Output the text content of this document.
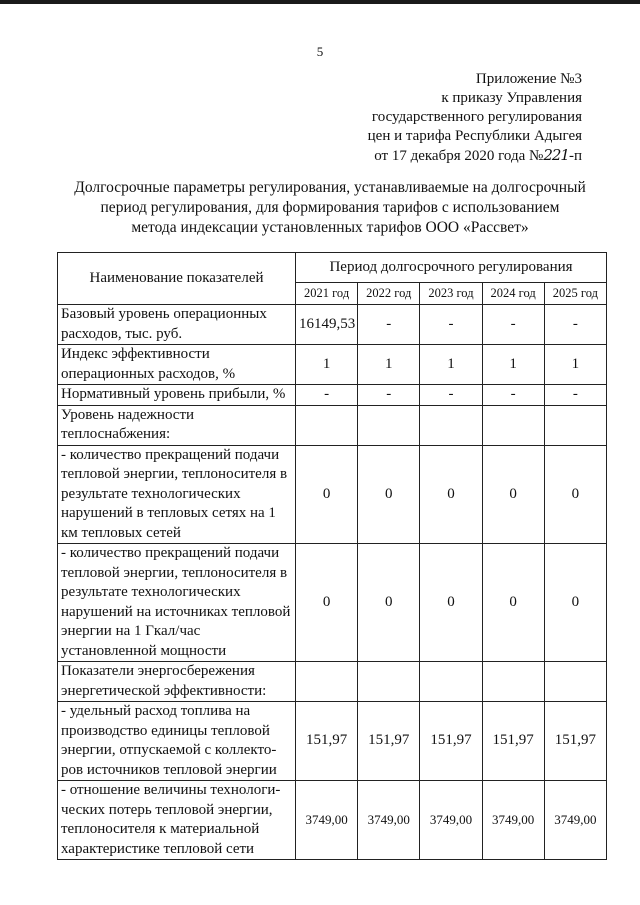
5
Приложение №3
к приказу Управления
государственного регулирования
цен и тарифа Республики Адыгея
от 17 декабря 2020 года №221-п
Долгосрочные параметры регулирования, устанавливаемые на долгосрочный
период регулирования, для формирования тарифов с использованием
метода индексации установленных тарифов ООО «Рассвет»
Наименование показателей	Период долгосрочного регулирования				
	2021 год	2022 год	2023 год	2024 год	2025 год
Базовый уровень операционных расходов, тыс. руб.	16149,53	-	-	-	-
Индекс эффективности операционных расходов, %	1	1	1	1	1
Нормативный уровень прибыли, %	-	-	-	-	-
Уровень надежности теплоснабжения:					
- количество прекращений подачи тепловой энергии, теплоносителя в результате технологических нарушений в тепловых сетях на 1 км тепловых сетей	0	0	0	0	0
- количество прекращений подачи тепловой энергии, теплоносителя в результате технологических нарушений на источниках тепловой энергии на 1 Гкал/час установленной мощности	0	0	0	0	0
Показатели энергосбережения энергетической эффективности:					
- удельный расход топлива на производство единицы тепловой энергии, отпускаемой с коллекто-ров источников тепловой энергии	151,97	151,97	151,97	151,97	151,97
- отношение величины технологи-ческих потерь тепловой энергии, теплоносителя к материальной характеристике тепловой сети	3749,00	3749,00	3749,00	3749,00	3749,00
